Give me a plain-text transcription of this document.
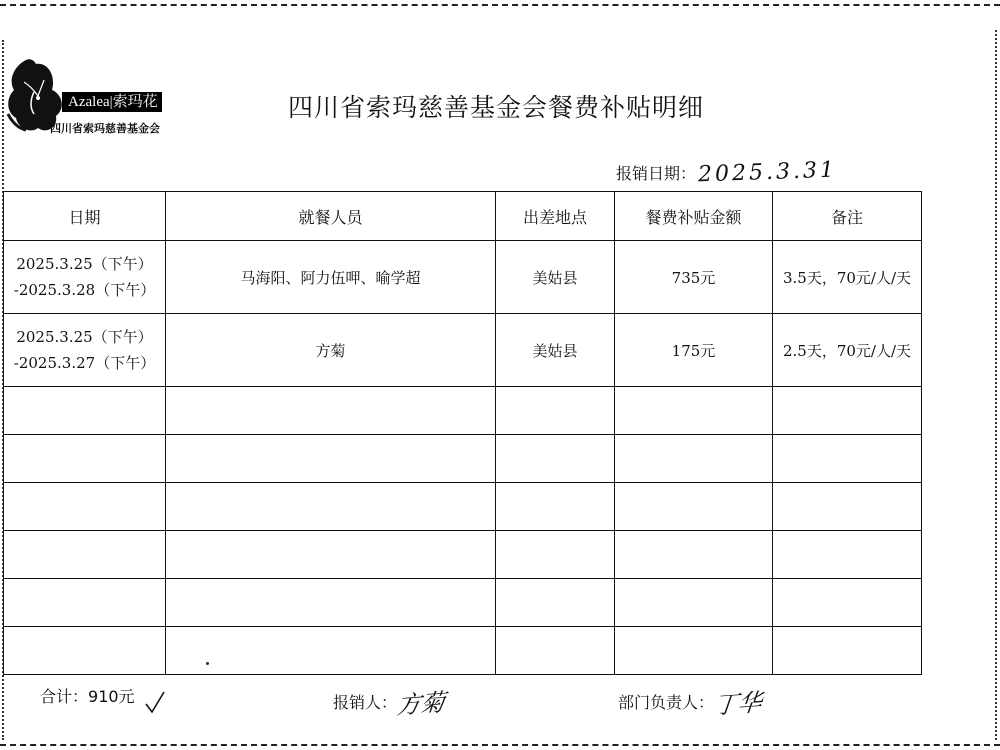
Azalea|索玛花
四川省索玛慈善基金会
四川省索玛慈善基金会餐费补贴明细
报销日期：2025.3.31
日期	就餐人员	出差地点	餐费补贴金额	备注

2025.3.25（下午）
-2025.3.28（下午）	马海阳、阿力伍呷、喻学超	美姑县	735元	3.5天，70元/人/天

2025.3.25（下午）
-2025.3.27（下午）	方菊	美姑县	175元	2.5天，70元/人/天

合计：910元	报销人：方菊	部门负责人：丁华
